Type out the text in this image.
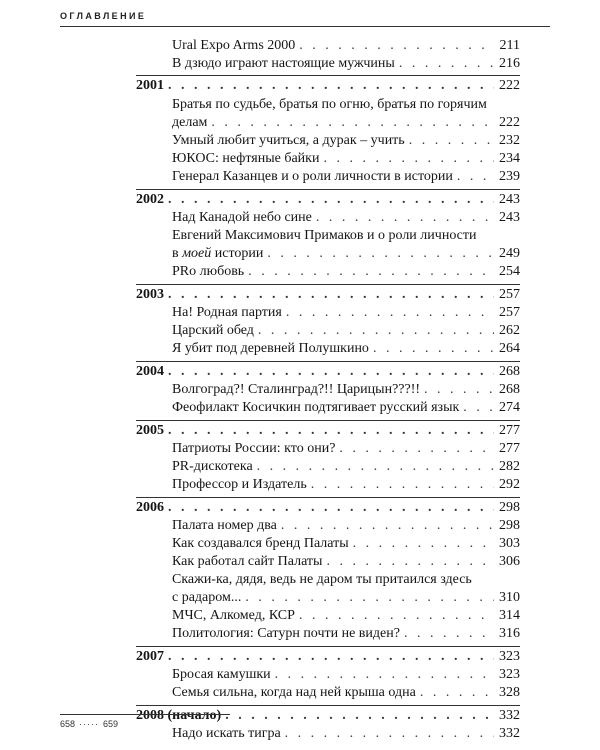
ОГЛАВЛЕНИЕ
Ural Expo Arms 2000 . . .	211
В дзюдо играют настоящие мужчины . . .	216
2001 . . .	222
Братья по судьбе, братья по огню, братья по горячим
делам . . .	222
Умный любит учиться, а дурак – учить . . .	232
ЮКОС: нефтяные байки . . .	234
Генерал Казанцев и о роли личности в истории . . .	239
2002 . . .	243
Над Канадой небо сине . . .	243
Евгений Максимович Примаков и о роли личности
в моей истории . . .	249
PRo любовь . . .	254
2003 . . .	257
На! Родная партия . . .	257
Царский обед . . .	262
Я убит под деревней Полушкино . . .	264
2004 . . .	268
Волгоград?! Сталинград?!! Царицын???!! . . .	268
Феофилакт Косичкин подтягивает русский язык . . .	274
2005 . . .	277
Патриоты России: кто они? . . .	277
PR-дискотека . . .	282
Профессор и Издатель . . .	292
2006 . . .	298
Палата номер два . . .	298
Как создавался бренд Палаты . . .	303
Как работал сайт Палаты . . .	306
Скажи-ка, дядя, ведь не даром ты притаился здесь
с радаром... . . .	310
МЧС, Алкомед, КСР . . .	314
Политология: Сатурн почти не виден? . . .	316
2007 . . .	323
Бросая камушки . . .	323
Семья сильна, когда над ней крыша одна . . .	328
2008 (начало) . . .	332
Надо искать тигра . . .	332
658 ····· 659
